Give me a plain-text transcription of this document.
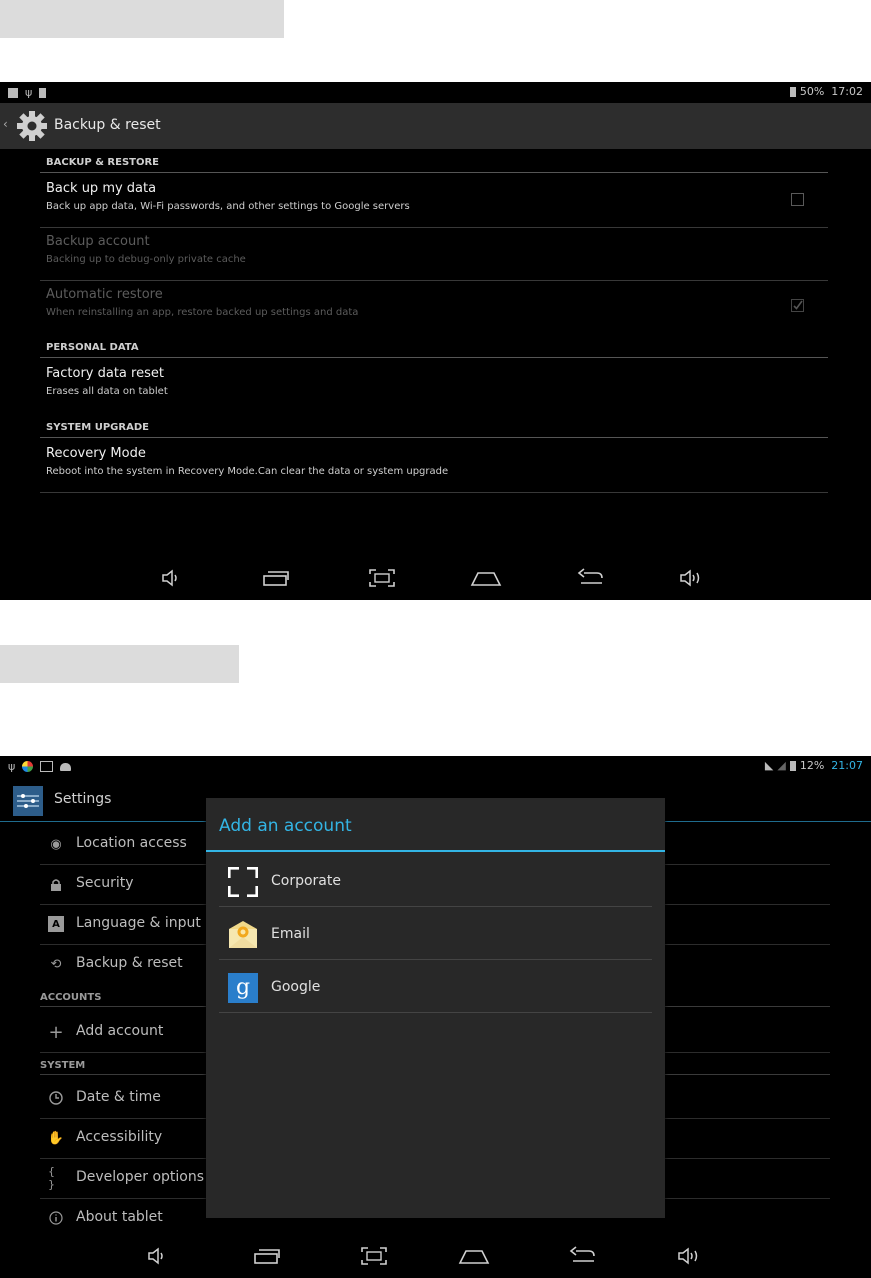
ψ	50% 17:02
‹	Backup & reset
BACKUP & RESTORE
Back up my data
Back up app data, Wi-Fi passwords, and other settings to Google servers
Backup account
Backing up to debug-only private cache
Automatic restore
When reinstalling an app, restore backed up settings and data
PERSONAL DATA
Factory data reset
Erases all data on tablet
SYSTEM UPGRADE
Recovery Mode
Reboot into the system in Recovery Mode.Can clear the data or system upgrade
ψ	◣ ◢ 12% 21:07
Settings
◉ Location access
Security
A Language & input
⟲ Backup & reset
ACCOUNTS
+ Add account
SYSTEM
Date & time
✋ Accessibility
{ }	Developer options
About tablet
Add an account
Corporate
Email
g	Google
